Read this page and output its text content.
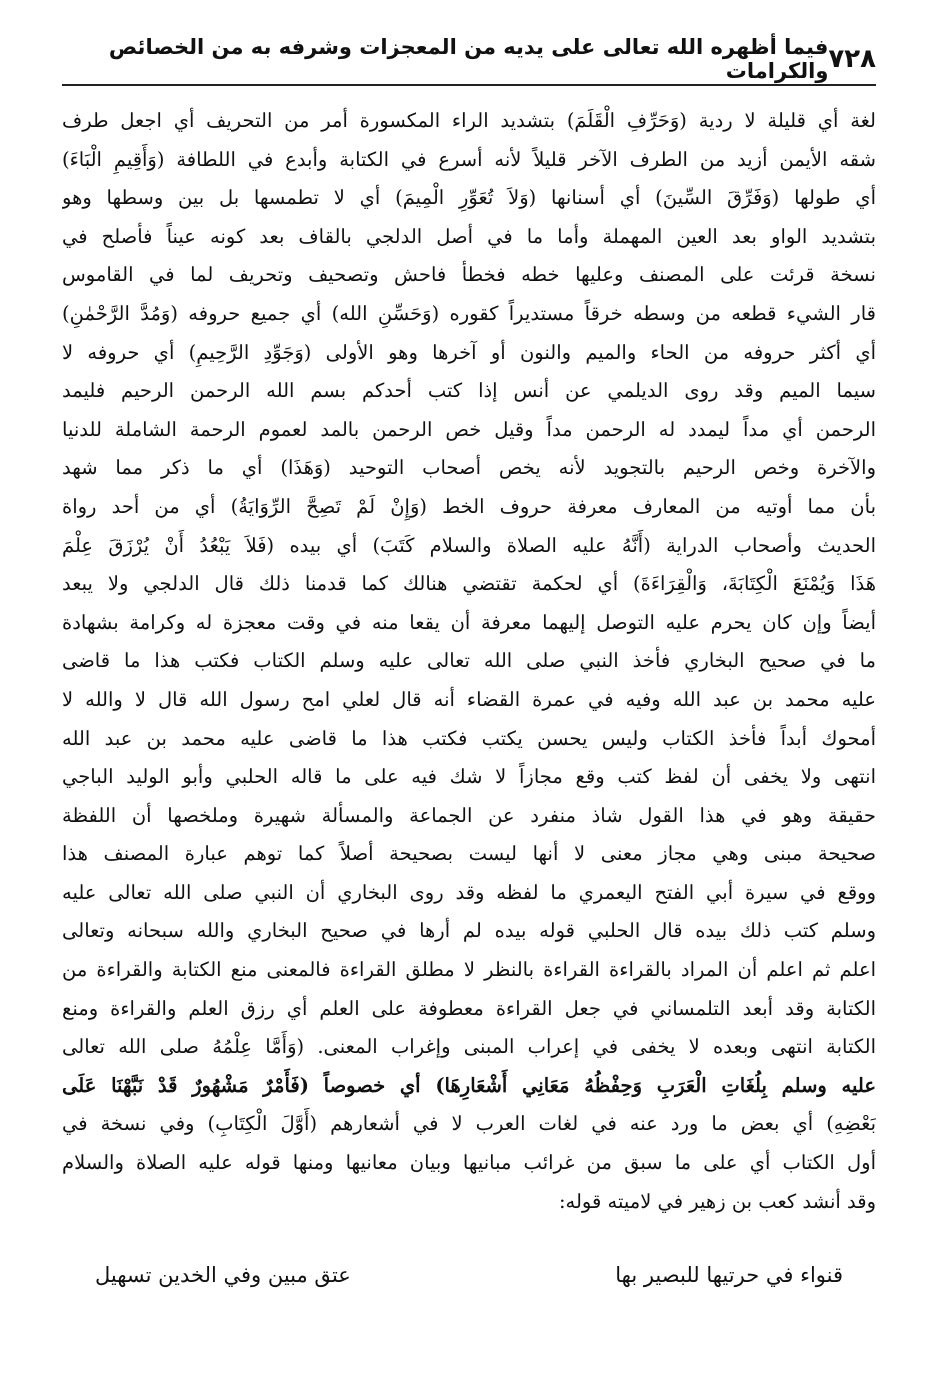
٧٢٨
فيما أظهره الله تعالى على يديه من المعجزات وشرفه به من الخصائص والكرامات
لغة أي قليلة لا ردية (وَحَرِّفِ الْقَلَمَ) بتشديد الراء المكسورة أمر من التحريف أي اجعل طرف
شقه الأيمن أزيد من الطرف الآخر قليلاً لأنه أسرع في الكتابة وأبدع في اللطافة (وَأَقِيمِ الْبَاءَ)
أي طولها (وَفَرِّقَ السِّينَ) أي أسنانها (وَلاَ تُعَوِّرِ الْمِيمَ) أي لا تطمسها بل بين وسطها وهو
بتشديد الواو بعد العين المهملة وأما ما في أصل الدلجي بالقاف بعد كونه عيناً فأصلح في
نسخة قرئت على المصنف وعليها خطه فخطأ فاحش وتصحيف وتحريف لما في القاموس
قار الشيء قطعه من وسطه خرقاً مستديراً كقوره (وَحَسِّنِ الله) أي جميع حروفه (وَمُدَّ الرَّحْمٰنِ)
أي أكثر حروفه من الحاء والميم والنون أو آخرها وهو الأولى (وَجَوِّدِ الرَّحِيمِ) أي حروفه لا
سيما الميم وقد روى الديلمي عن أنس إذا كتب أحدكم بسم الله الرحمن الرحيم فليمد
الرحمن أي مداً ليمدد له الرحمن مداً وقيل خص الرحمن بالمد لعموم الرحمة الشاملة للدنيا
والآخرة وخص الرحيم بالتجويد لأنه يخص أصحاب التوحيد (وَهَذَا) أي ما ذكر مما شهد
بأن مما أوتيه من المعارف معرفة حروف الخط (وَإِنْ لَمْ تَصِحَّ الرِّوَايَةُ) أي من أحد رواة
الحديث وأصحاب الدراية (أَنَّهُ عليه الصلاة والسلام كَتَبَ) أي بيده (فَلاَ يَبْعُدُ أَنْ يُرْزَقَ عِلْمَ
هَذَا وَيُمْنَعَ الْكِتَابَةَ، وَالْقِرَاءَةَ) أي لحكمة تقتضي هنالك كما قدمنا ذلك قال الدلجي ولا يبعد
أيضاً وإن كان يحرم عليه التوصل إليهما معرفة أن يقعا منه في وقت معجزة له وكرامة بشهادة
ما في صحيح البخاري فأخذ النبي صلى الله تعالى عليه وسلم الكتاب فكتب هذا ما قاضى
عليه محمد بن عبد الله وفيه في عمرة القضاء أنه قال لعلي امح رسول الله قال لا والله لا
أمحوك أبداً فأخذ الكتاب وليس يحسن يكتب فكتب هذا ما قاضى عليه محمد بن عبد الله
انتهى ولا يخفى أن لفظ كتب وقع مجازاً لا شك فيه على ما قاله الحلبي وأبو الوليد الباجي
حقيقة وهو في هذا القول شاذ منفرد عن الجماعة والمسألة شهيرة وملخصها أن اللفظة
صحيحة مبنى وهي مجاز معنى لا أنها ليست بصحيحة أصلاً كما توهم عبارة المصنف هذا
ووقع في سيرة أبي الفتح اليعمري ما لفظه وقد روى البخاري أن النبي صلى الله تعالى عليه
وسلم كتب ذلك بيده قال الحلبي قوله بيده لم أرها في صحيح البخاري والله سبحانه وتعالى
اعلم ثم اعلم أن المراد بالقراءة القراءة بالنظر لا مطلق القراءة فالمعنى منع الكتابة والقراءة من
الكتابة وقد أبعد التلمساني في جعل القراءة معطوفة على العلم أي رزق العلم والقراءة ومنع
الكتابة انتهى وبعده لا يخفى في إعراب المبنى وإغراب المعنى. (وَأَمَّا عِلْمُهُ صلى الله تعالى
عليه وسلم بِلُغَاتِ الْعَرَبِ وَحِفْظُهُ مَعَانِي أَشْعَارِهَا) أي خصوصاً (فَأَمْرٌ مَشْهُورٌ قَدْ نَبَّهْنَا عَلَى
بَعْضِهِ) أي بعض ما ورد عنه في لغات العرب لا في أشعارهم (أَوَّلَ الْكِتَابِ) وفي نسخة في
أول الكتاب أي على ما سبق من غرائب مبانيها وبيان معانيها ومنها قوله عليه الصلاة والسلام
وقد أنشد كعب بن زهير في لاميته قوله:
قنواء في حرتيها للبصير بها
عتق مبين وفي الخدين تسهيل
